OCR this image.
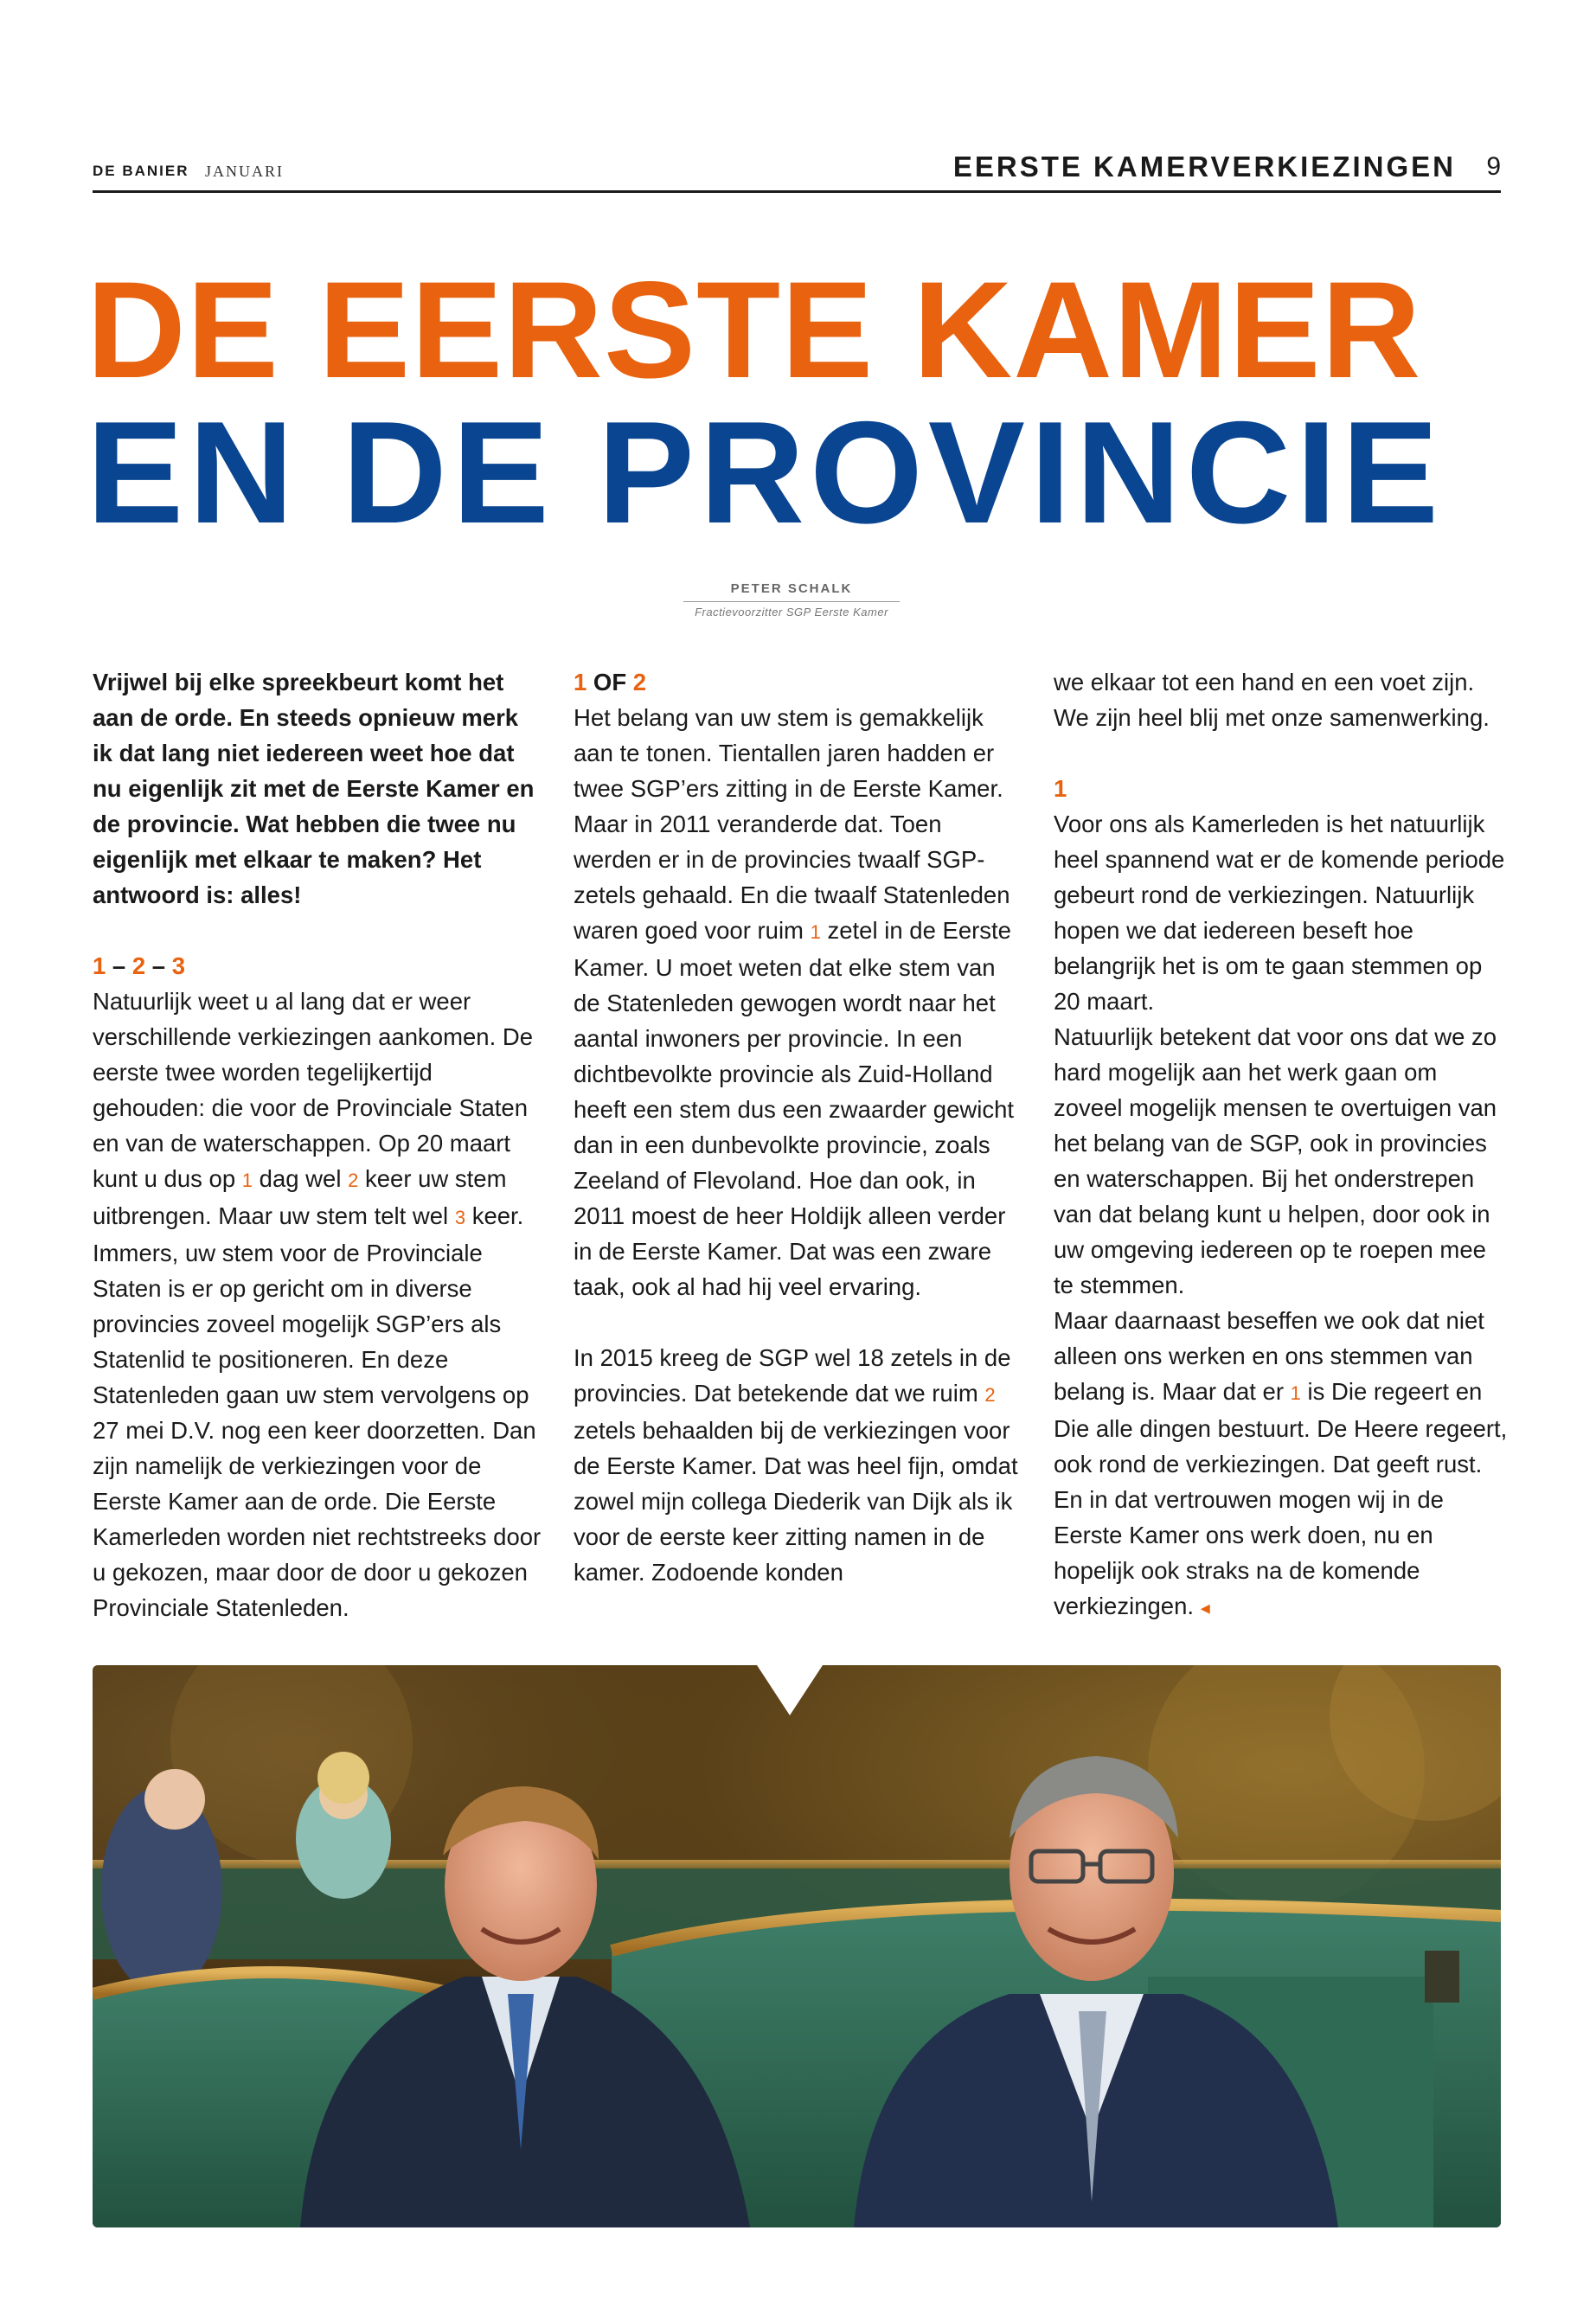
DE BANIER JANUARI	EERSTE KAMERVERKIEZINGEN 9
DE EERSTE KAMER
EN DE PROVINCIE
PETER SCHALK
Fractievoorzitter SGP Eerste Kamer

Vrijwel bij elke spreekbeurt komt het aan de orde. En steeds opnieuw merk ik dat lang niet iedereen weet hoe dat nu eigenlijk zit met de Eerste Kamer en de provincie. Wat hebben die twee nu eigenlijk met elkaar te maken? Het antwoord is: alles!

1 – 2 – 3

Natuurlijk weet u al lang dat er weer verschillende verkiezingen aankomen. De eerste twee worden tegelijkertijd gehouden: die voor de Provinciale Staten en van de waterschappen. Op 20 maart kunt u dus op 1 dag wel 2 keer uw stem uitbrengen. Maar uw stem telt wel 3 keer. Immers, uw stem voor de Provinciale Staten is er op gericht om in diverse provincies zoveel mogelijk SGP’ers als Statenlid te positioneren. En deze Statenleden gaan uw stem vervolgens op 27 mei D.V. nog een keer doorzetten. Dan zijn namelijk de verkiezingen voor de Eerste Kamer aan de orde. Die Eerste Kamerleden worden niet rechtstreeks door u gekozen, maar door de door u gekozen Provinciale Statenleden.

1 OF 2

Het belang van uw stem is gemakkelijk aan te tonen. Tientallen jaren hadden er twee SGP’ers zitting in de Eerste Kamer. Maar in 2011 veranderde dat. Toen werden er in de provincies twaalf SGP-zetels gehaald. En die twaalf Statenleden waren goed voor ruim 1 zetel in de Eerste Kamer. U moet weten dat elke stem van de Statenleden gewogen wordt naar het aantal inwoners per provincie. In een dichtbevolkte provincie als Zuid-Holland heeft een stem dus een zwaarder gewicht dan in een dunbevolkte provincie, zoals Zeeland of Flevoland. Hoe dan ook, in 2011 moest de heer Holdijk alleen verder in de Eerste Kamer. Dat was een zware taak, ook al had hij veel ervaring.

In 2015 kreeg de SGP wel 18 zetels in de provincies. Dat betekende dat we ruim 2 zetels behaalden bij de verkiezingen voor de Eerste Kamer. Dat was heel fijn, omdat zowel mijn collega Diederik van Dijk als ik voor de eerste keer zitting namen in de kamer. Zodoende konden

we elkaar tot een hand en een voet zijn. We zijn heel blij met onze samenwerking.

1

Voor ons als Kamerleden is het natuurlijk heel spannend wat er de komende periode gebeurt rond de verkiezingen. Natuurlijk hopen we dat iedereen beseft hoe belangrijk het is om te gaan stemmen op 20 maart.

Natuurlijk betekent dat voor ons dat we zo hard mogelijk aan het werk gaan om zoveel mogelijk mensen te overtuigen van het belang van de SGP, ook in provincies en waterschappen. Bij het onderstrepen van dat belang kunt u helpen, door ook in uw omgeving iedereen op te roepen mee te stemmen.

Maar daarnaast beseffen we ook dat niet alleen ons werken en ons stemmen van belang is. Maar dat er 1 is Die regeert en Die alle dingen bestuurt. De Heere regeert, ook rond de verkiezingen. Dat geeft rust. En in dat vertrouwen mogen wij in de Eerste Kamer ons werk doen, nu en hopelijk ook straks na de komende verkiezingen. ◂
